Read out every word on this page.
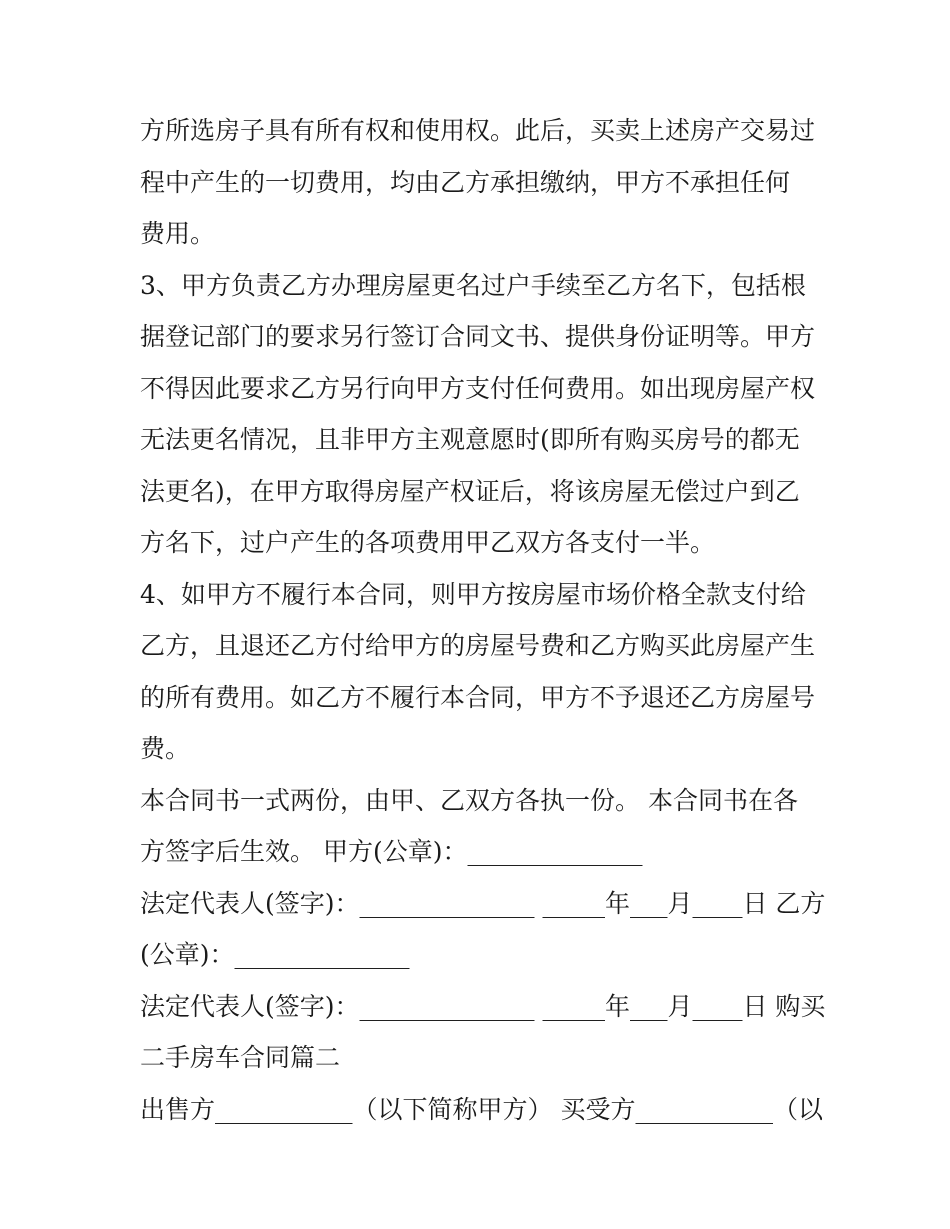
方所选房子具有所有权和使用权。此后，买卖上述房产交易过
程中产生的一切费用，均由乙方承担缴纳，甲方不承担任何
费用。
3、甲方负责乙方办理房屋更名过户手续至乙方名下，包括根
据登记部门的要求另行签订合同文书、提供身份证明等。甲方
不得因此要求乙方另行向甲方支付任何费用。如出现房屋产权
无法更名情况，且非甲方主观意愿时(即所有购买房号的都无
法更名)，在甲方取得房屋产权证后，将该房屋无偿过户到乙
方名下，过户产生的各项费用甲乙双方各支付一半。
4、如甲方不履行本合同，则甲方按房屋市场价格全款支付给
乙方，且退还乙方付给甲方的房屋号费和乙方购买此房屋产生
的所有费用。如乙方不履行本合同，甲方不予退还乙方房屋号
费。
本合同书一式两份，由甲、乙双方各执一份。 本合同书在各
方签字后生效。 甲方(公章)：______________
法定代表人(签字)：______________ _____年___月____日 乙方
(公章)：______________
法定代表人(签字)：______________ _____年___月____日 购买
二手房车合同篇二
出售方___________（以下简称甲方） 买受方___________（以
